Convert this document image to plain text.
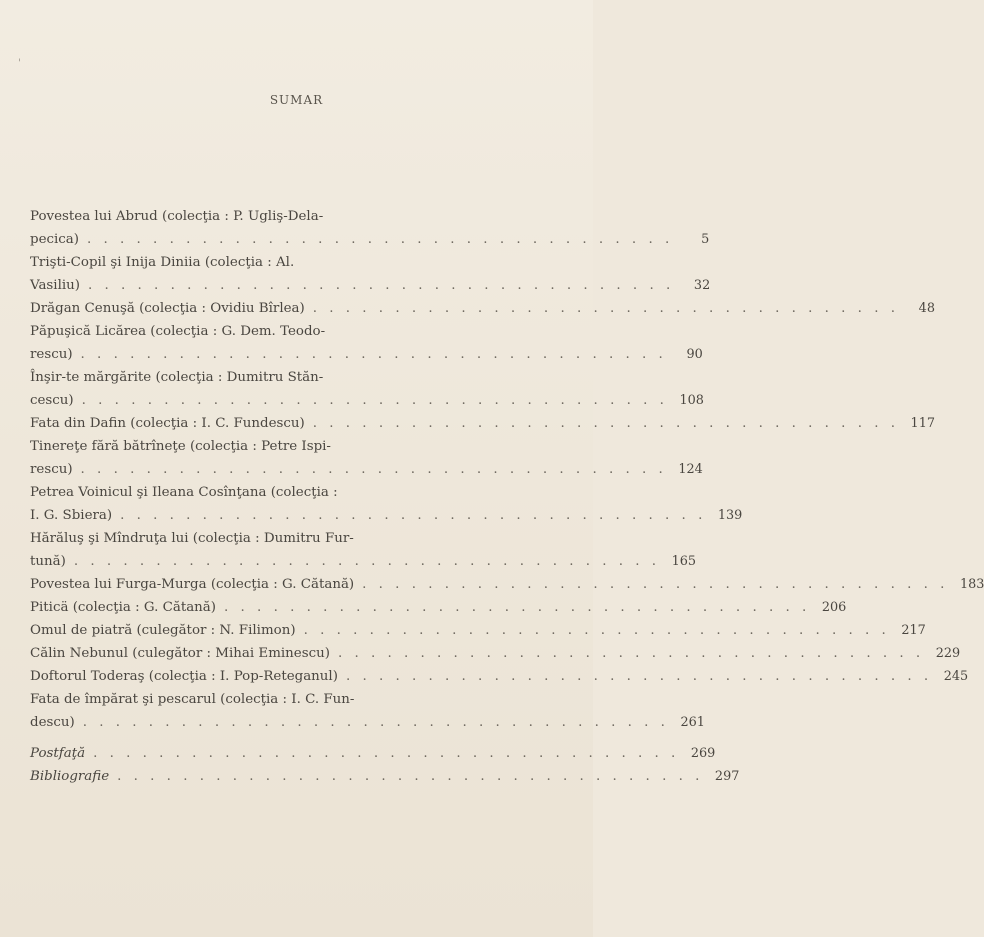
'
SUMAR
Povestea lui Abrud (colecţia : P. Ugliş-Dela-
pecica) . . . . . . . . . . . . . . . . . . . . . . . . . . . . . . . . . . . .	5
Trişti-Copil şi Inija Diniia (colecţia : Al.
Vasiliu) . . . . . . . . . . . . . . . . . . . . . . . . . . . . . . . . . . . .	32
Drăgan Cenuşă (colecţia : Ovidiu Bîrlea) . . . . . . . . . . . . . . . . . . . . . . . . . . . . . . . . . . . .	48
Păpuşică Licărea (colecţia : G. Dem. Teodo-
rescu) . . . . . . . . . . . . . . . . . . . . . . . . . . . . . . . . . . . .	90
Înşir-te mărgărite (colecţia : Dumitru Stăn-
cescu) . . . . . . . . . . . . . . . . . . . . . . . . . . . . . . . . . . . . 108
Fata din Dafin (colecţia : I. C. Fundescu) . . . . . . . . . . . . . . . . . . . . . . . . . . . . . . . . . . . . 117
Tinereţe fără bătrîneţe (colecţia : Petre Ispi-
rescu) . . . . . . . . . . . . . . . . . . . . . . . . . . . . . . . . . . . . 124
Petrea Voinicul şi Ileana Cosînţana (colecţia :
I. G. Sbiera) . . . . . . . . . . . . . . . . . . . . . . . . . . . . . . . . . . . . 139
Hărăluş şi Mîndruţa lui (colecţia : Dumitru Fur-
tună) . . . . . . . . . . . . . . . . . . . . . . . . . . . . . . . . . . . . 165
Povestea lui Furga-Murga (colecţia : G. Cătană) . . . . . . . . . . . . . . . . . . . . . . . . . . . . . . . . . . . . 183
Piticä (colecţia : G. Cătană) . . . . . . . . . . . . . . . . . . . . . . . . . . . . . . . . . . . . 206
Omul de piatră (culegător : N. Filimon) . . . . . . . . . . . . . . . . . . . . . . . . . . . . . . . . . . . . 217
Călin Nebunul (culegător : Mihai Eminescu) . . . . . . . . . . . . . . . . . . . . . . . . . . . . . . . . . . . . 229
Doftorul Toderaş (colecţia : I. Pop-Reteganul) . . . . . . . . . . . . . . . . . . . . . . . . . . . . . . . . . . . . 245
Fata de împărat şi pescarul (colecţia : I. C. Fun-
descu) . . . . . . . . . . . . . . . . . . . . . . . . . . . . . . . . . . . . 261
Postfaţă . . . . . . . . . . . . . . . . . . . . . . . . . . . . . . . . . . . . 269
Bibliografie . . . . . . . . . . . . . . . . . . . . . . . . . . . . . . . . . . . . 297
